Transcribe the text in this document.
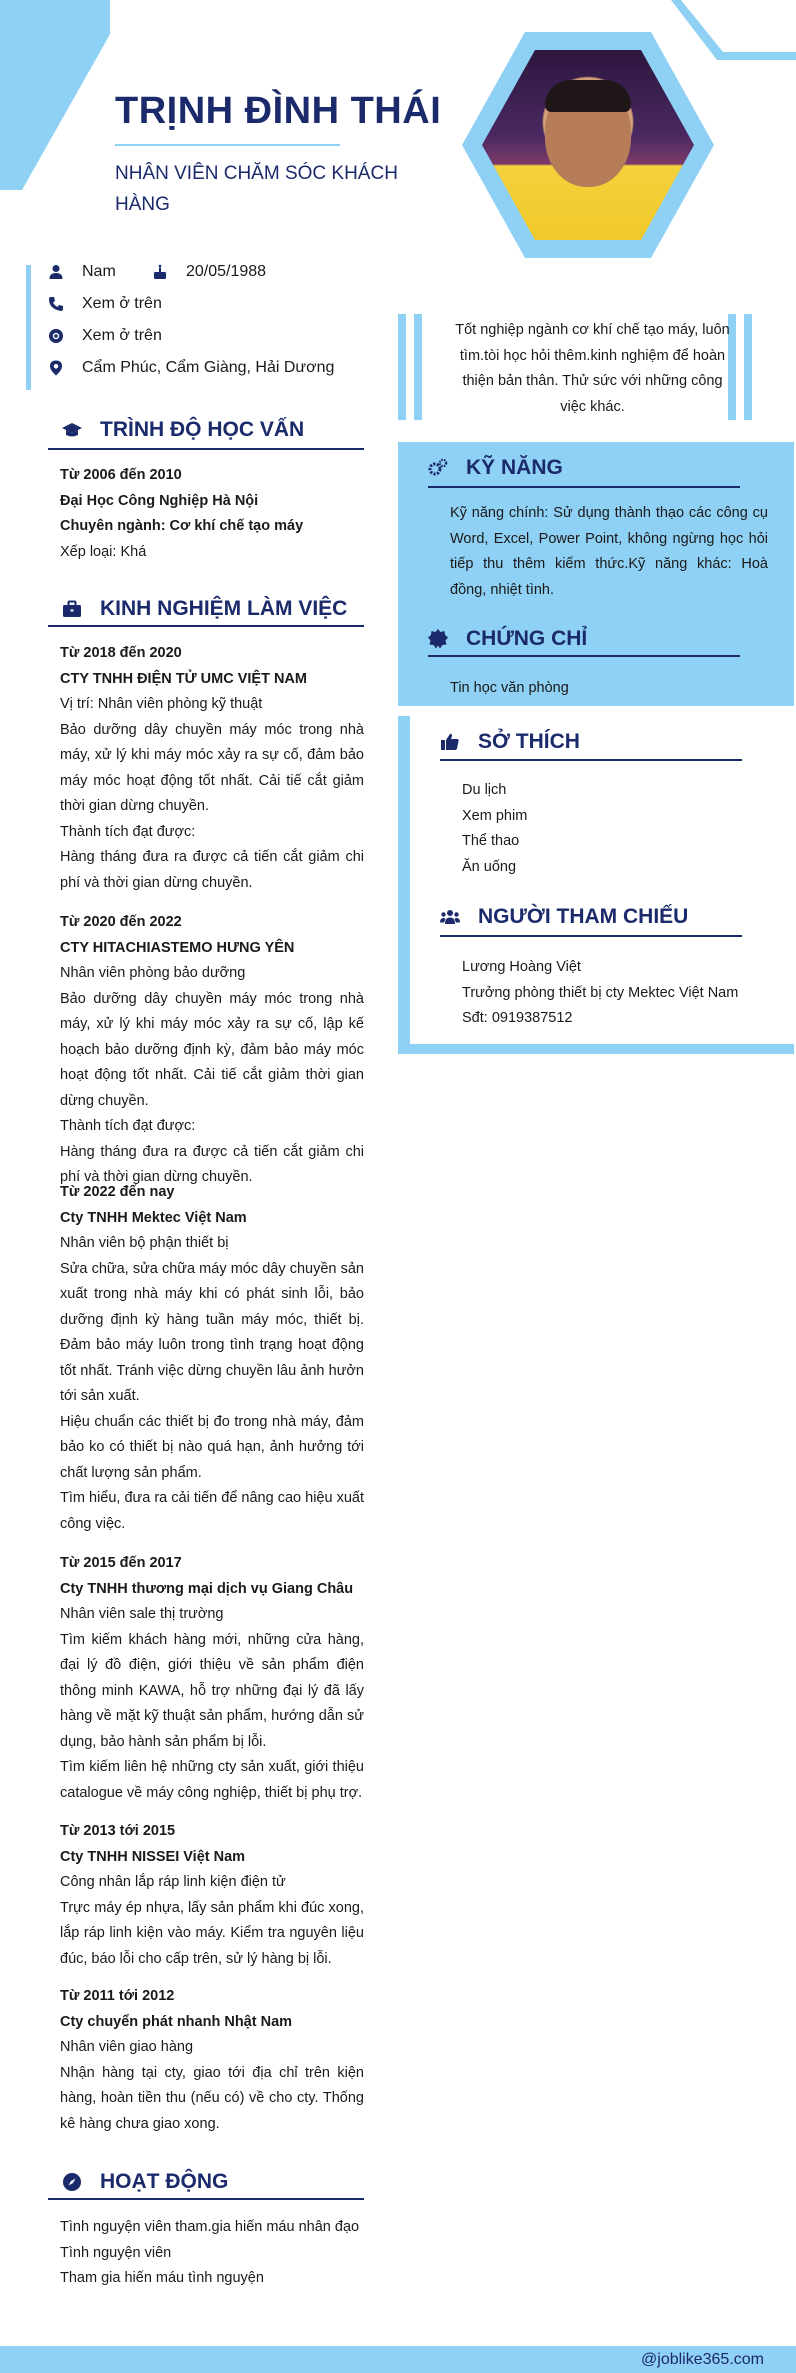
TRỊNH ĐÌNH THÁI
NHÂN VIÊN CHĂM SÓC KHÁCH HÀNG
Nam	20/05/1988
Xem ở trên
Xem ở trên
Cẩm Phúc, Cẩm Giàng, Hải Dương
TRÌNH ĐỘ HỌC VẤN
Từ 2006 đến 2010
Đại Học Công Nghiệp Hà Nội
Chuyên ngành: Cơ khí chế tạo máy
Xếp loại: Khá
KINH NGHIỆM LÀM VIỆC
Từ 2018 đến 2020
CTY TNHH ĐIỆN TỬ UMC VIỆT NAM
Vị trí: Nhân viên phòng kỹ thuật
Bảo dưỡng dây chuyền máy móc trong nhà máy, xử lý khi máy móc xảy ra sự cố, đảm bảo máy móc hoạt động tốt nhất. Cải tiế cắt giảm thời gian dừng chuyền.
Thành tích đạt được:
Hàng tháng đưa ra được cả tiến cắt giảm chi phí và thời gian dừng chuyền.
Từ 2020 đến 2022
CTY HITACHIASTEMO HƯNG YÊN
Nhân viên phòng bảo dưỡng
Bảo dưỡng dây chuyền máy móc trong nhà máy, xử lý khi máy móc xảy ra sự cố, lập kế hoạch bảo dưỡng định kỳ, đảm bảo máy móc hoạt động tốt nhất. Cải tiế cắt giảm thời gian dừng chuyền.
Thành tích đạt được:
Hàng tháng đưa ra được cả tiến cắt giảm chi phí và thời gian dừng chuyền.
Từ 2022 đến nay
Cty TNHH Mektec Việt Nam
Nhân viên bộ phận thiết bị
Sửa chữa, sửa chữa máy móc dây chuyền sản xuất trong nhà máy khi có phát sinh lỗi, bảo dưỡng định kỳ hàng tuần máy móc, thiết bị. Đảm bảo máy luôn trong tình trạng hoạt động tốt nhất. Tránh việc dừng chuyền lâu ảnh hưởn tới sản xuất.
Hiệu chuẩn các thiết bị đo trong nhà máy, đảm bảo ko có thiết bị nào quá hạn, ảnh hưởng tới chất lượng sản phẩm.
Tìm hiểu, đưa ra cải tiến để nâng cao hiệu xuất công việc.
Từ 2015 đến 2017
Cty TNHH thương mại dịch vụ Giang Châu
Nhân viên sale thị trường
Tìm kiếm khách hàng mới, những cửa hàng, đại lý đồ điện, giới thiệu về sản phẩm điện thông minh KAWA, hỗ trợ những đại lý đã lấy hàng về mặt kỹ thuật sản phẩm, hướng dẫn sử dụng, bảo hành sản phẩm bị lỗi.
Tìm kiếm liên hệ những cty sản xuất, giới thiệu catalogue về máy công nghiệp, thiết bị phụ trợ.
Từ 2013 tới 2015
Cty TNHH NISSEI Việt Nam
Công nhân lắp ráp linh kiện điện tử
Trực máy ép nhựa, lấy sản phẩm khi đúc xong, lắp ráp linh kiện vào máy. Kiểm tra nguyên liệu đúc, báo lỗi cho cấp trên, sử lý hàng bị lỗi.
Từ 2011 tới 2012
Cty chuyển phát nhanh Nhật Nam
Nhân viên giao hàng
Nhận hàng tại cty, giao tới địa chỉ trên kiện hàng, hoàn tiền thu (nếu có) về cho cty. Thống kê hàng chưa giao xong.
HOẠT ĐỘNG
Tình nguyện viên tham.gia hiến máu nhân đạo
Tình nguyện viên
Tham gia hiến máu tình nguyện
Tốt nghiệp ngành cơ khí chế tạo máy, luôn tìm.tòi học hỏi thêm.kinh nghiệm để hoàn thiện bản thân. Thử sức với những công việc khác.
KỸ NĂNG
Kỹ năng chính: Sử dụng thành thạo các công cụ Word, Excel, Power Point, không ngừng học hỏi tiếp thu thêm kiếm thức.Kỹ năng khác: Hoà đồng, nhiệt tình.
CHỨNG CHỈ
Tin học văn phòng
SỞ THÍCH
Du lịch
Xem phim
Thể thao
Ăn uống
NGƯỜI THAM CHIẾU
Lương Hoàng Việt
Trưởng phòng thiết bị cty Mektec Việt Nam
Sđt: 0919387512
@joblike365.com
